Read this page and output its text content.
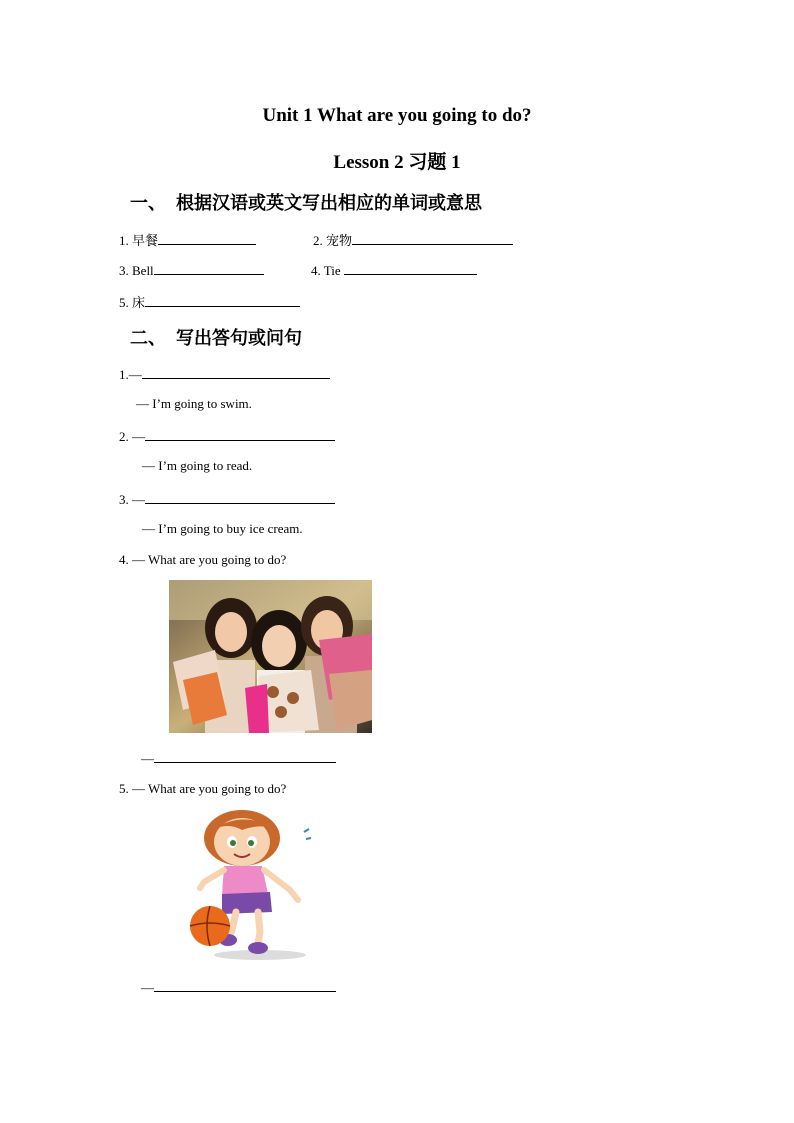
Unit 1 What are you going to do?
Lesson 2 习题 1
一、 根据汉语或英文写出相应的单词或意思
1. 早餐	2. 宠物
3. Bell	4. Tie
5. 床
二、 写出答句或问句
1.—
— I’m going to swim.
2. —
— I’m going to read.
3. —
— I’m going to buy ice cream.
4. — What are you going to do?
—
5. — What are you going to do?
—
